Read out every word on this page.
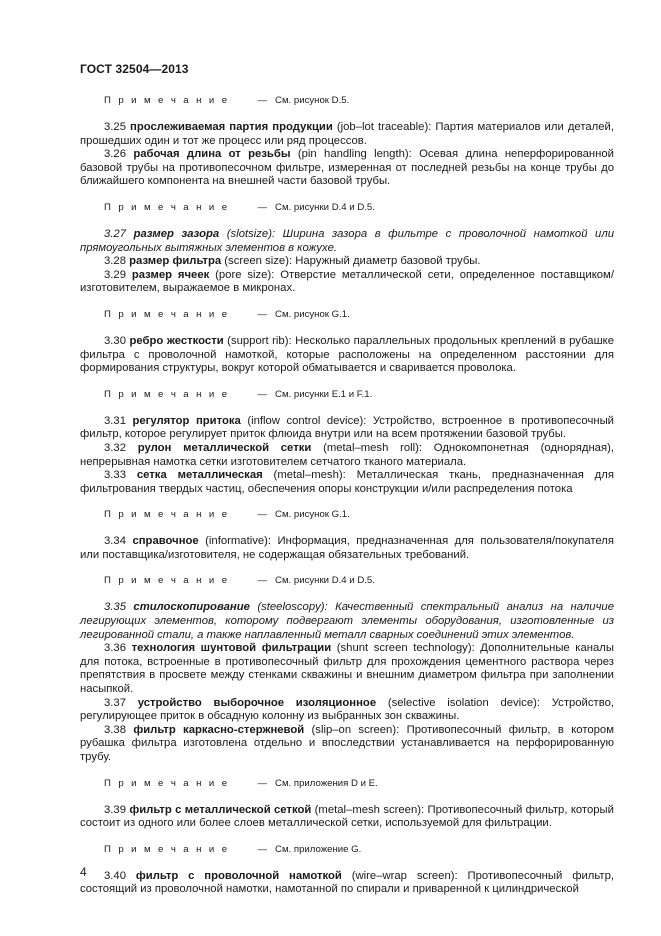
ГОСТ 32504—2013

П р и м е ч а н и е	— См. рисунок D.5.

3.25 прослеживаемая партия продукции (job–lot traceable): Партия материалов или деталей, прошедших один и тот же процесс или ряд процессов.

3.26 рабочая длина от резьбы (pin handling length): Осевая длина неперфорированной базовой трубы на противопесочном фильтре, измеренная от последней резьбы на конце трубы до ближайшего компонента на внешней части базовой трубы.

П р и м е ч а н и е	— См. рисунки D.4 и D.5.

3.27 размер зазора (slotsize): Ширина зазора в фильтре с проволочной намоткой или прямоугольных вытяжных элементов в кожухе.

3.28 размер фильтра (screen size): Наружный диаметр базовой трубы.

3.29 размер ячеек (pore size): Отверстие металлической сети, определенное поставщиком/изготовителем, выражаемое в микронах.

П р и м е ч а н и е	— См. рисунок G.1.

3.30 ребро жесткости (support rib): Несколько параллельных продольных креплений в рубашке фильтра с проволочной намоткой, которые расположены на определенном расстоянии для формирования структуры, вокруг которой обматывается и сваривается проволока.

П р и м е ч а н и е	— См. рисунки E.1 и F.1.

3.31 регулятор притока (inflow control device): Устройство, встроенное в противопесочный фильтр, которое регулирует приток флюида внутри или на всем протяжении базовой трубы.

3.32 рулон металлической сетки (metal–mesh roll): Однокомпонетная (однорядная), непрерывная намотка сетки изготовителем сетчатого тканого материала.

3.33 сетка металлическая (metal–mesh): Металлическая ткань, предназначенная для фильтрования твердых частиц, обеспечения опоры конструкции и/или распределения потока

П р и м е ч а н и е	— См. рисунок G.1.

3.34 справочное (informative): Информация, предназначенная для пользователя/покупателя или поставщика/изготовителя, не содержащая обязательных требований.

П р и м е ч а н и е	— См. рисунки D.4 и D.5.

3.35 стилоскопирование (steeloscopy): Качественный спектральный анализ на наличие легирующих элементов, которому подвергают элементы оборудования, изготовленные из легированной стали, а также наплавленный металл сварных соединений этих элементов.

3.36 технология шунтовой фильтрации (shunt screen technology): Дополнительные каналы для потока, встроенные в противопесочный фильтр для прохождения цементного раствора через препятствия в просвете между стенками скважины и внешним диаметром фильтра при заполнении насыпкой.

3.37 устройство выборочное изоляционное (selective isolation device): Устройство, регулирующее приток в обсадную колонну из выбранных зон скважины.

3.38 фильтр каркасно-стержневой (slip–on screen): Противопесочный фильтр, в котором рубашка фильтра изготовлена отдельно и впоследствии устанавливается на перфорированную трубу.

П р и м е ч а н и е	— См. приложения D и E.

3.39 фильтр с металлической сеткой (metal–mesh screen): Противопесочный фильтр, который состоит из одного или более слоев металлической сетки, используемой для фильтрации.

П р и м е ч а н и е	— См. приложение G.

3.40 фильтр с проволочной намоткой (wire–wrap screen): Противопесочный фильтр, состоящий из проволочной намотки, намотанной по спирали и приваренной к цилиндрической

4
